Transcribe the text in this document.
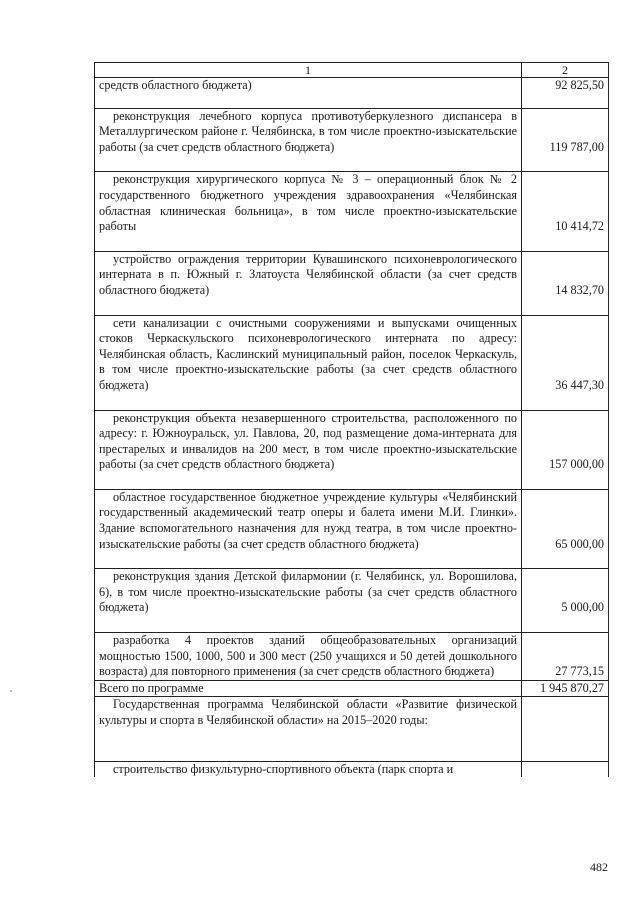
1	2
средств областного бюджета)	92 825,50

реконструкция лечебного корпуса противотуберкулезного диспансера в Металлургическом районе г. Челябинска, в том числе проектно-изыскательские работы (за счет средств областного бюджета)	119 787,00

реконструкция хирургического корпуса № 3 – операционный блок № 2 государственного бюджетного учреждения здравоохранения «Челябинская областная клиническая больница», в том числе проектно-изыскательские работы	10 414,72

устройство ограждения территории Кувашинского психоневрологического интерната в п. Южный г. Златоуста Челябинской области (за счет средств областного бюджета)	14 832,70

сети канализации с очистными сооружениями и выпусками очищенных стоков Черкаскульского психоневрологического интерната по адресу: Челябинская область, Каслинский муниципальный район, поселок Черкаскуль, в том числе проектно-изыскательские работы (за счет средств областного бюджета)	36 447,30

реконструкция объекта незавершенного строительства, расположенного по адресу: г. Южноуральск, ул. Павлова, 20, под размещение дома-интерната для престарелых и инвалидов на 200 мест, в том числе проектно-изыскательские работы (за счет средств областного бюджета)	157 000,00

областное государственное бюджетное учреждение культуры «Челябинский государственный академический театр оперы и балета имени М.И. Глинки». Здание вспомогательного назначения для нужд театра, в том числе проектно-изыскательские работы (за счет средств областного бюджета)	65 000,00

реконструкция здания Детской филармонии (г. Челябинск, ул. Ворошилова, 6), в том числе проектно-изыскательские работы (за счет средств областного бюджета)	5 000,00

разработка 4 проектов зданий общеобразовательных организаций мощностью 1500, 1000, 500 и 300 мест (250 учащихся и 50 детей дошкольного возраста) для повторного применения (за счет средств областного бюджета)	27 773,15
Всего по программе	1 945 870,27
Государственная программа Челябинской области «Развитие физической культуры и спорта в Челябинской области» на 2015–2020 годы:	
строительство физкультурно-спортивного объекта (парк спорта и	
482
